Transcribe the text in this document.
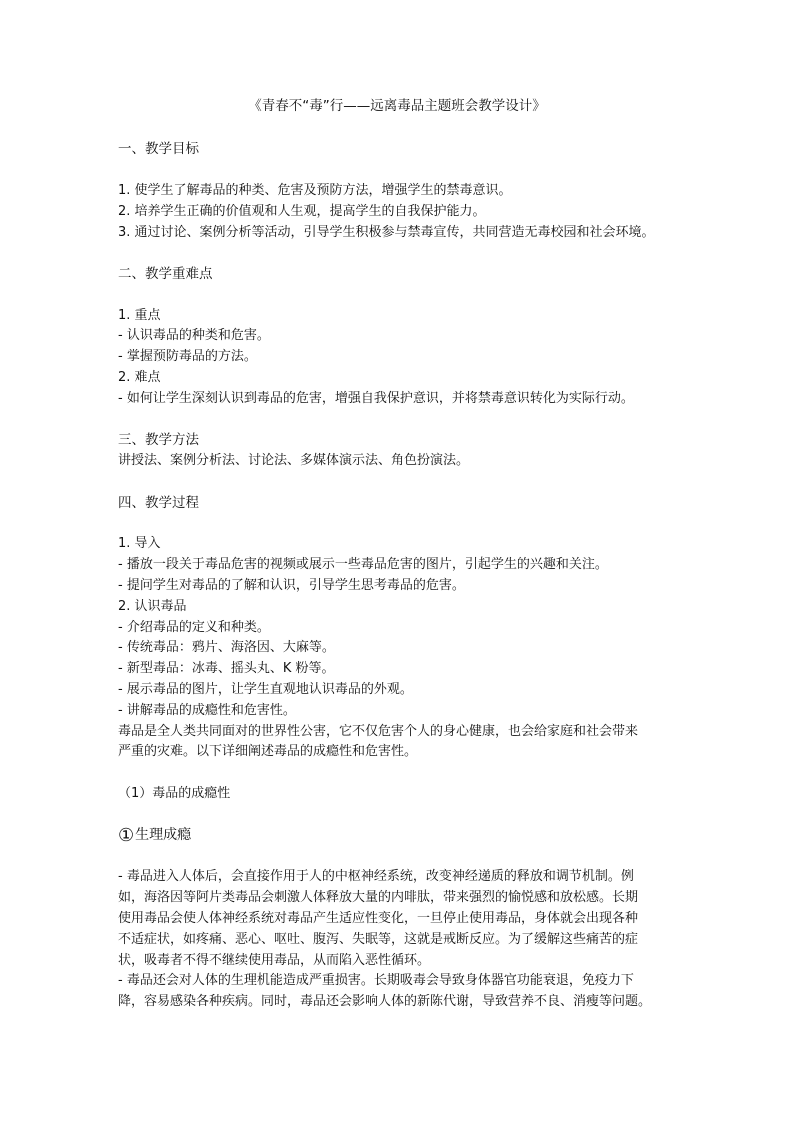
《青春不“毒”行——远离毒品主题班会教学设计》
一、教学目标
1. 使学生了解毒品的种类、危害及预防方法，增强学生的禁毒意识。
2. 培养学生正确的价值观和人生观，提高学生的自我保护能力。
3. 通过讨论、案例分析等活动，引导学生积极参与禁毒宣传，共同营造无毒校园和社会环境。
二、教学重难点
1. 重点
- 认识毒品的种类和危害。
- 掌握预防毒品的方法。
2. 难点
- 如何让学生深刻认识到毒品的危害，增强自我保护意识，并将禁毒意识转化为实际行动。
三、教学方法
讲授法、案例分析法、讨论法、多媒体演示法、角色扮演法。
四、教学过程
1. 导入
- 播放一段关于毒品危害的视频或展示一些毒品危害的图片，引起学生的兴趣和关注。
- 提问学生对毒品的了解和认识，引导学生思考毒品的危害。
2. 认识毒品
- 介绍毒品的定义和种类。
- 传统毒品：鸦片、海洛因、大麻等。
- 新型毒品：冰毒、摇头丸、K 粉等。
- 展示毒品的图片，让学生直观地认识毒品的外观。
- 讲解毒品的成瘾性和危害性。
毒品是全人类共同面对的世界性公害，它不仅危害个人的身心健康，也会给家庭和社会带来
严重的灾难。以下详细阐述毒品的成瘾性和危害性。
（1）毒品的成瘾性
①生理成瘾
- 毒品进入人体后，会直接作用于人的中枢神经系统，改变神经递质的释放和调节机制。例
如，海洛因等阿片类毒品会刺激人体释放大量的内啡肽，带来强烈的愉悦感和放松感。长期
使用毒品会使人体神经系统对毒品产生适应性变化，一旦停止使用毒品，身体就会出现各种
不适症状，如疼痛、恶心、呕吐、腹泻、失眠等，这就是戒断反应。为了缓解这些痛苦的症
状，吸毒者不得不继续使用毒品，从而陷入恶性循环。
- 毒品还会对人体的生理机能造成严重损害。长期吸毒会导致身体器官功能衰退，免疫力下
降，容易感染各种疾病。同时，毒品还会影响人体的新陈代谢，导致营养不良、消瘦等问题。
